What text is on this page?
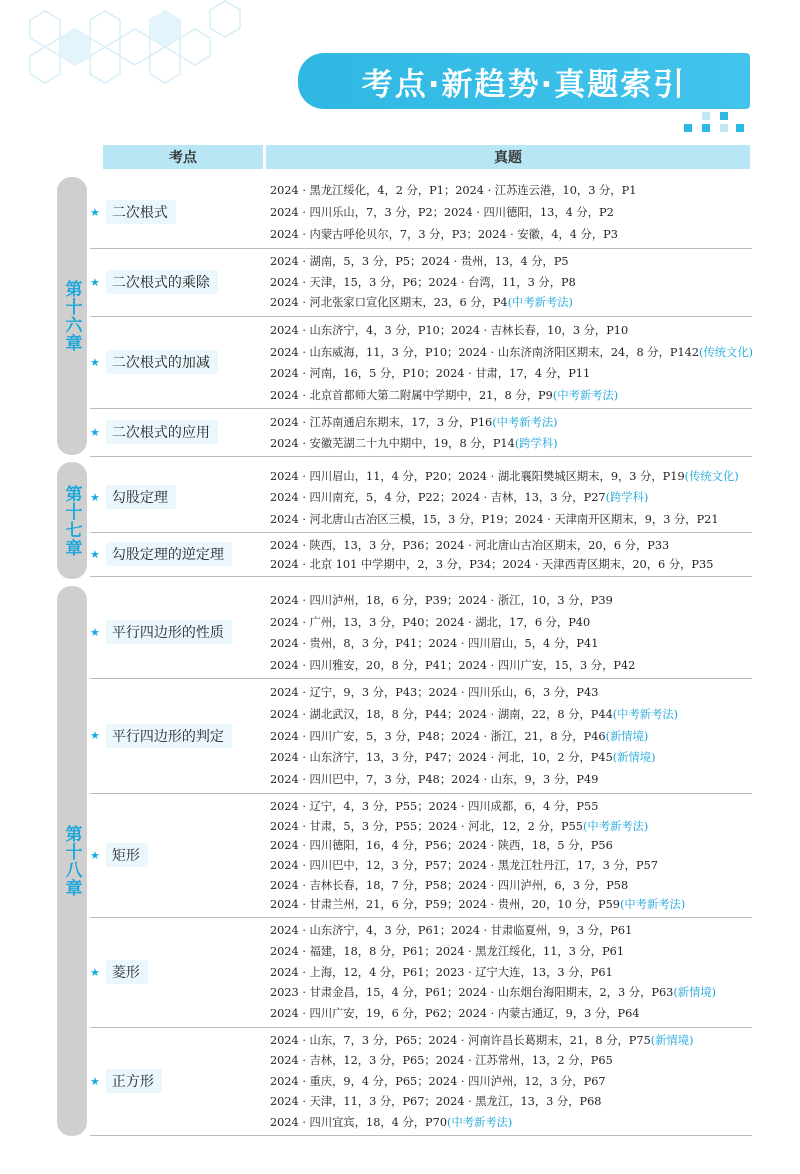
考点·新趋势·真题索引
考点	真题
第十六章
第十七章
第十八章
★ 二次根式
2024 · 黑龙江绥化，4，2 分，P1；2024 · 江苏连云港，10，3 分，P1
2024 · 四川乐山，7，3 分，P2；2024 · 四川德阳，13，4 分，P2
2024 · 内蒙古呼伦贝尔，7，3 分，P3；2024 · 安徽，4，4 分，P3
★ 二次根式的乘除
2024 · 湖南，5，3 分，P5；2024 · 贵州，13，4 分，P5
2024 · 天津，15，3 分，P6；2024 · 台湾，11，3 分，P8
2024 · 河北张家口宣化区期末，23，6 分，P4(中考新考法)
★ 二次根式的加减
2024 · 山东济宁，4，3 分，P10；2024 · 吉林长春，10，3 分，P10
2024 · 山东威海，11，3 分，P10；2024 · 山东济南济阳区期末，24，8 分，P142(传统文化)
2024 · 河南，16，5 分，P10；2024 · 甘肃，17，4 分，P11
2024 · 北京首都师大第二附属中学期中，21，8 分，P9(中考新考法)
★ 二次根式的应用
2024 · 江苏南通启东期末，17，3 分，P16(中考新考法)
2024 · 安徽芜湖二十九中期中，19，8 分，P14(跨学科)
★ 勾股定理
2024 · 四川眉山，11，4 分，P20；2024 · 湖北襄阳樊城区期末，9，3 分，P19(传统文化)
2024 · 四川南充，5，4 分，P22；2024 · 吉林，13，3 分，P27(跨学科)
2024 · 河北唐山古冶区三模，15，3 分，P19；2024 · 天津南开区期末，9，3 分，P21
★ 勾股定理的逆定理
2024 · 陕西，13，3 分，P36；2024 · 河北唐山古冶区期末，20，6 分，P33
2024 · 北京 101 中学期中，2，3 分，P34；2024 · 天津西青区期末，20，6 分，P35
★ 平行四边形的性质
2024 · 四川泸州，18，6 分，P39；2024 · 浙江，10，3 分，P39
2024 · 广州，13，3 分，P40；2024 · 湖北，17，6 分，P40
2024 · 贵州，8，3 分，P41；2024 · 四川眉山，5，4 分，P41
2024 · 四川雅安，20，8 分，P41；2024 · 四川广安，15，3 分，P42
★ 平行四边形的判定
2024 · 辽宁，9，3 分，P43；2024 · 四川乐山，6，3 分，P43
2024 · 湖北武汉，18，8 分，P44；2024 · 湖南，22，8 分，P44(中考新考法)
2024 · 四川广安，5，3 分，P48；2024 · 浙江，21，8 分，P46(新情境)
2024 · 山东济宁，13，3 分，P47；2024 · 河北，10，2 分，P45(新情境)
2024 · 四川巴中，7，3 分，P48；2024 · 山东，9，3 分，P49
★ 矩形
2024 · 辽宁，4，3 分，P55；2024 · 四川成都，6，4 分，P55
2024 · 甘肃，5，3 分，P55；2024 · 河北，12，2 分，P55(中考新考法)
2024 · 四川德阳，16，4 分，P56；2024 · 陕西，18，5 分，P56
2024 · 四川巴中，12，3 分，P57；2024 · 黑龙江牡丹江，17，3 分，P57
2024 · 吉林长春，18，7 分，P58；2024 · 四川泸州，6，3 分，P58
2024 · 甘肃兰州，21，6 分，P59；2024 · 贵州，20，10 分，P59(中考新考法)
★ 菱形
2024 · 山东济宁，4，3 分，P61；2024 · 甘肃临夏州，9，3 分，P61
2024 · 福建，18，8 分，P61；2024 · 黑龙江绥化，11，3 分，P61
2024 · 上海，12，4 分，P61；2023 · 辽宁大连，13，3 分，P61
2023 · 甘肃金昌，15，4 分，P61；2024 · 山东烟台海阳期末，2，3 分，P63(新情境)
2024 · 四川广安，19，6 分，P62；2024 · 内蒙古通辽，9，3 分，P64
★ 正方形
2024 · 山东，7，3 分，P65；2024 · 河南许昌长葛期末，21，8 分，P75(新情境)
2024 · 吉林，12，3 分，P65；2024 · 江苏常州，13，2 分，P65
2024 · 重庆，9，4 分，P65；2024 · 四川泸州，12，3 分，P67
2024 · 天津，11，3 分，P67；2024 · 黑龙江，13，3 分，P68
2024 · 四川宜宾，18，4 分，P70(中考新考法)
